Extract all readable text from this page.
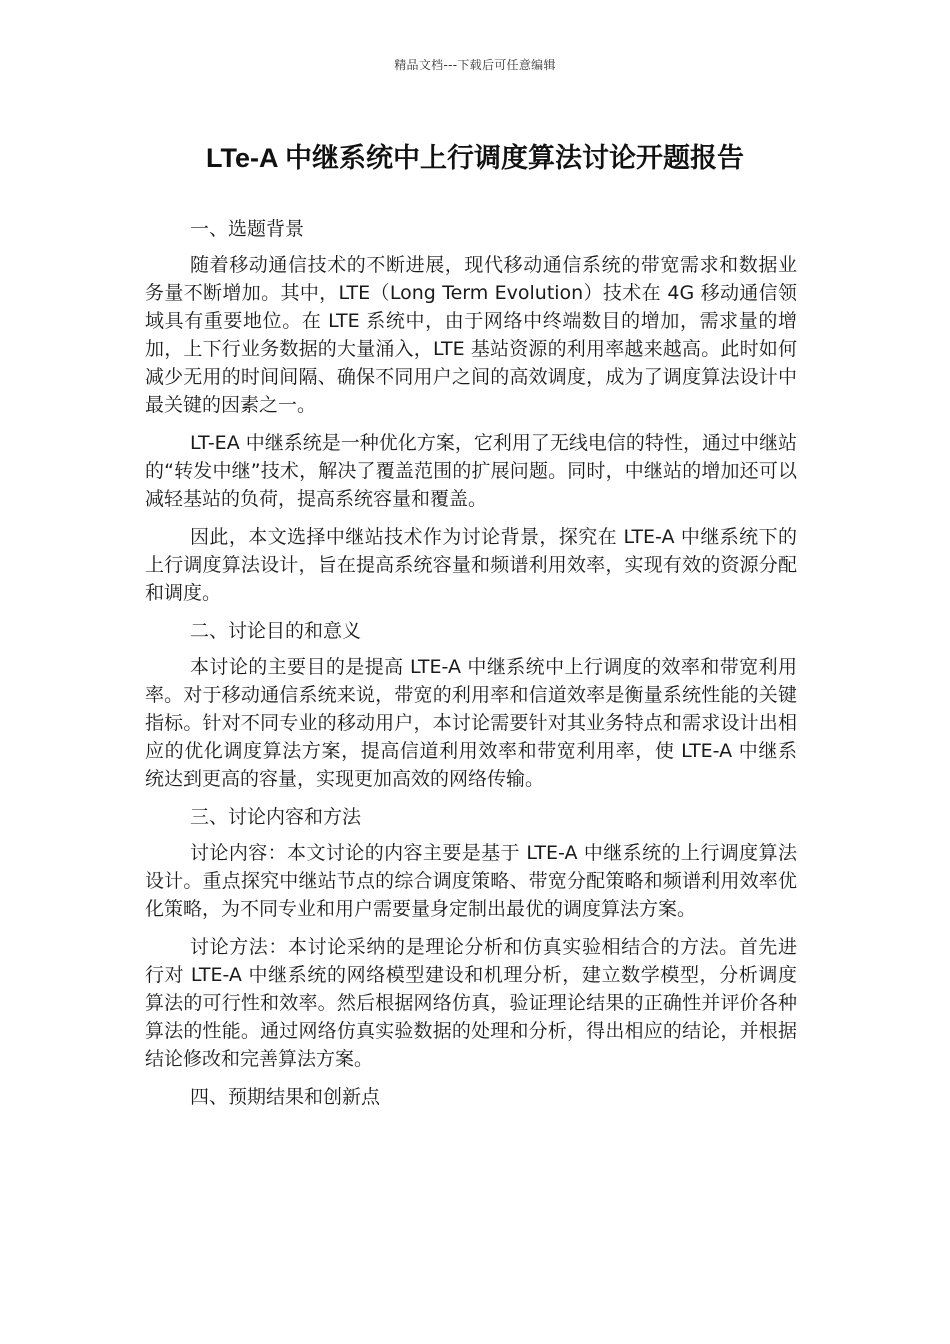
精品文档---下载后可任意编辑
LTe-A 中继系统中上行调度算法讨论开题报告

一、选题背景

随着移动通信技术的不断进展，现代移动通信系统的带宽需求和数据业务量不断增加。其中，LTE（Long Term Evolution）技术在 4G 移动通信领域具有重要地位。在 LTE 系统中，由于网络中终端数目的增加，需求量的增加，上下行业务数据的大量涌入，LTE 基站资源的利用率越来越高。此时如何减少无用的时间间隔、确保不同用户之间的高效调度，成为了调度算法设计中最关键的因素之一。

LT-EA 中继系统是一种优化方案，它利用了无线电信的特性，通过中继站的“转发中继”技术，解决了覆盖范围的扩展问题。同时，中继站的增加还可以减轻基站的负荷，提高系统容量和覆盖。

因此，本文选择中继站技术作为讨论背景，探究在 LTE-A 中继系统下的上行调度算法设计，旨在提高系统容量和频谱利用效率，实现有效的资源分配和调度。

二、讨论目的和意义

本讨论的主要目的是提高 LTE-A 中继系统中上行调度的效率和带宽利用率。对于移动通信系统来说，带宽的利用率和信道效率是衡量系统性能的关键指标。针对不同专业的移动用户，本讨论需要针对其业务特点和需求设计出相应的优化调度算法方案，提高信道利用效率和带宽利用率，使 LTE-A 中继系统达到更高的容量，实现更加高效的网络传输。

三、讨论内容和方法

讨论内容：本文讨论的内容主要是基于 LTE-A 中继系统的上行调度算法设计。重点探究中继站节点的综合调度策略、带宽分配策略和频谱利用效率优化策略，为不同专业和用户需要量身定制出最优的调度算法方案。

讨论方法：本讨论采纳的是理论分析和仿真实验相结合的方法。首先进行对 LTE-A 中继系统的网络模型建设和机理分析，建立数学模型，分析调度算法的可行性和效率。然后根据网络仿真，验证理论结果的正确性并评价各种算法的性能。通过网络仿真实验数据的处理和分析，得出相应的结论，并根据结论修改和完善算法方案。

四、预期结果和创新点
